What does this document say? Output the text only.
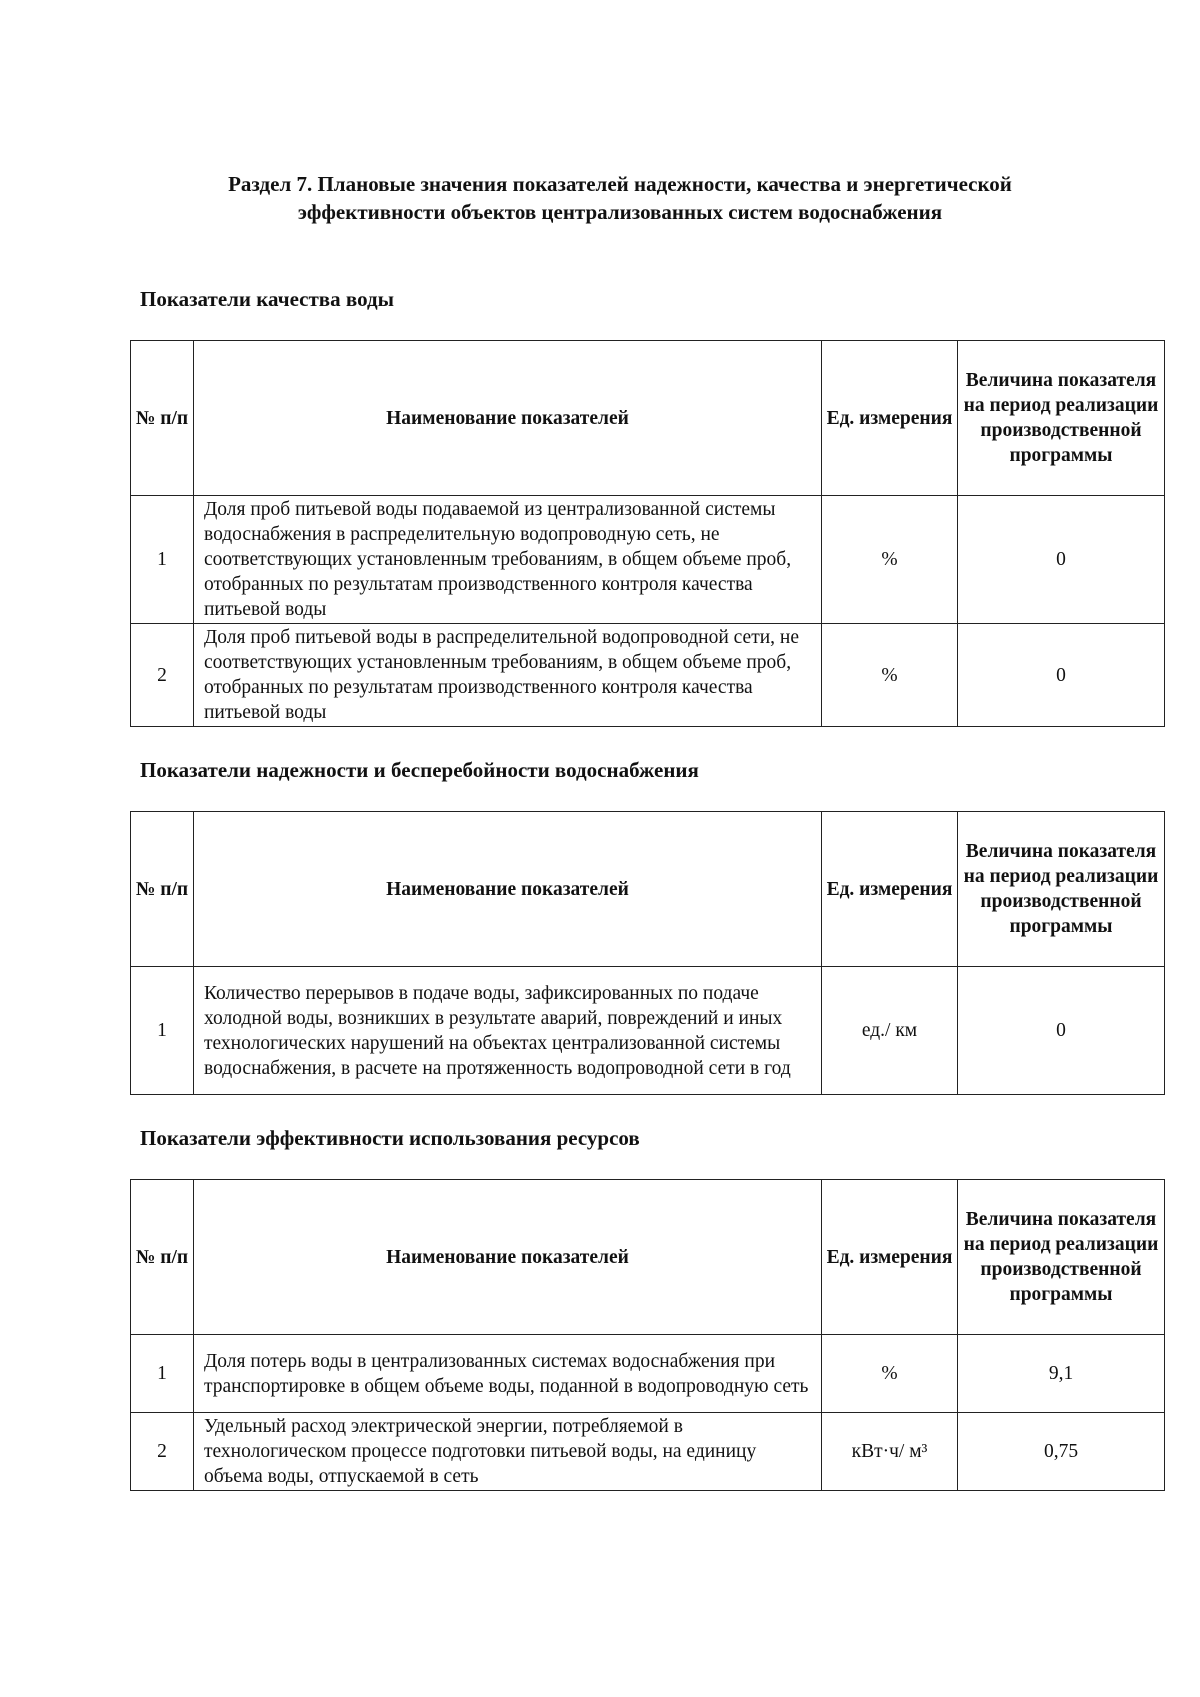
Раздел 7. Плановые значения показателей надежности, качества и энергетической
эффективности объектов централизованных систем водоснабжения
Показатели качества воды
№ п/п	Наименование показателей	Ед. измерения	Величина показателя на период реализации производственной программы
1	Доля проб питьевой воды подаваемой из централизованной системы водоснабжения в распределительную водопроводную сеть, не соответствующих установленным требованиям, в общем объеме проб, отобранных по результатам производственного контроля качества питьевой воды	%	0
2	Доля проб питьевой воды в распределительной водопроводной сети, не соответствующих установленным требованиям, в общем объеме проб, отобранных по результатам производственного контроля качества питьевой воды	%	0
Показатели надежности и бесперебойности водоснабжения
№ п/п	Наименование показателей	Ед. измерения	Величина показателя на период реализации производственной программы
1	Количество перерывов в подаче воды, зафиксированных по подаче холодной воды, возникших в результате аварий, повреждений и иных технологических нарушений на объектах централизованной системы водоснабжения, в расчете на протяженность водопроводной сети в год	ед./ км	0
Показатели эффективности использования ресурсов
№ п/п	Наименование показателей	Ед. измерения	Величина показателя на период реализации производственной программы
1	Доля потерь воды в централизованных системах водоснабжения при транспортировке в общем объеме воды, поданной в водопроводную сеть	%	9,1
2	Удельный расход электрической энергии, потребляемой в технологическом процессе подготовки питьевой воды, на единицу объема воды, отпускаемой в сеть	кВт·ч/ м³	0,75
